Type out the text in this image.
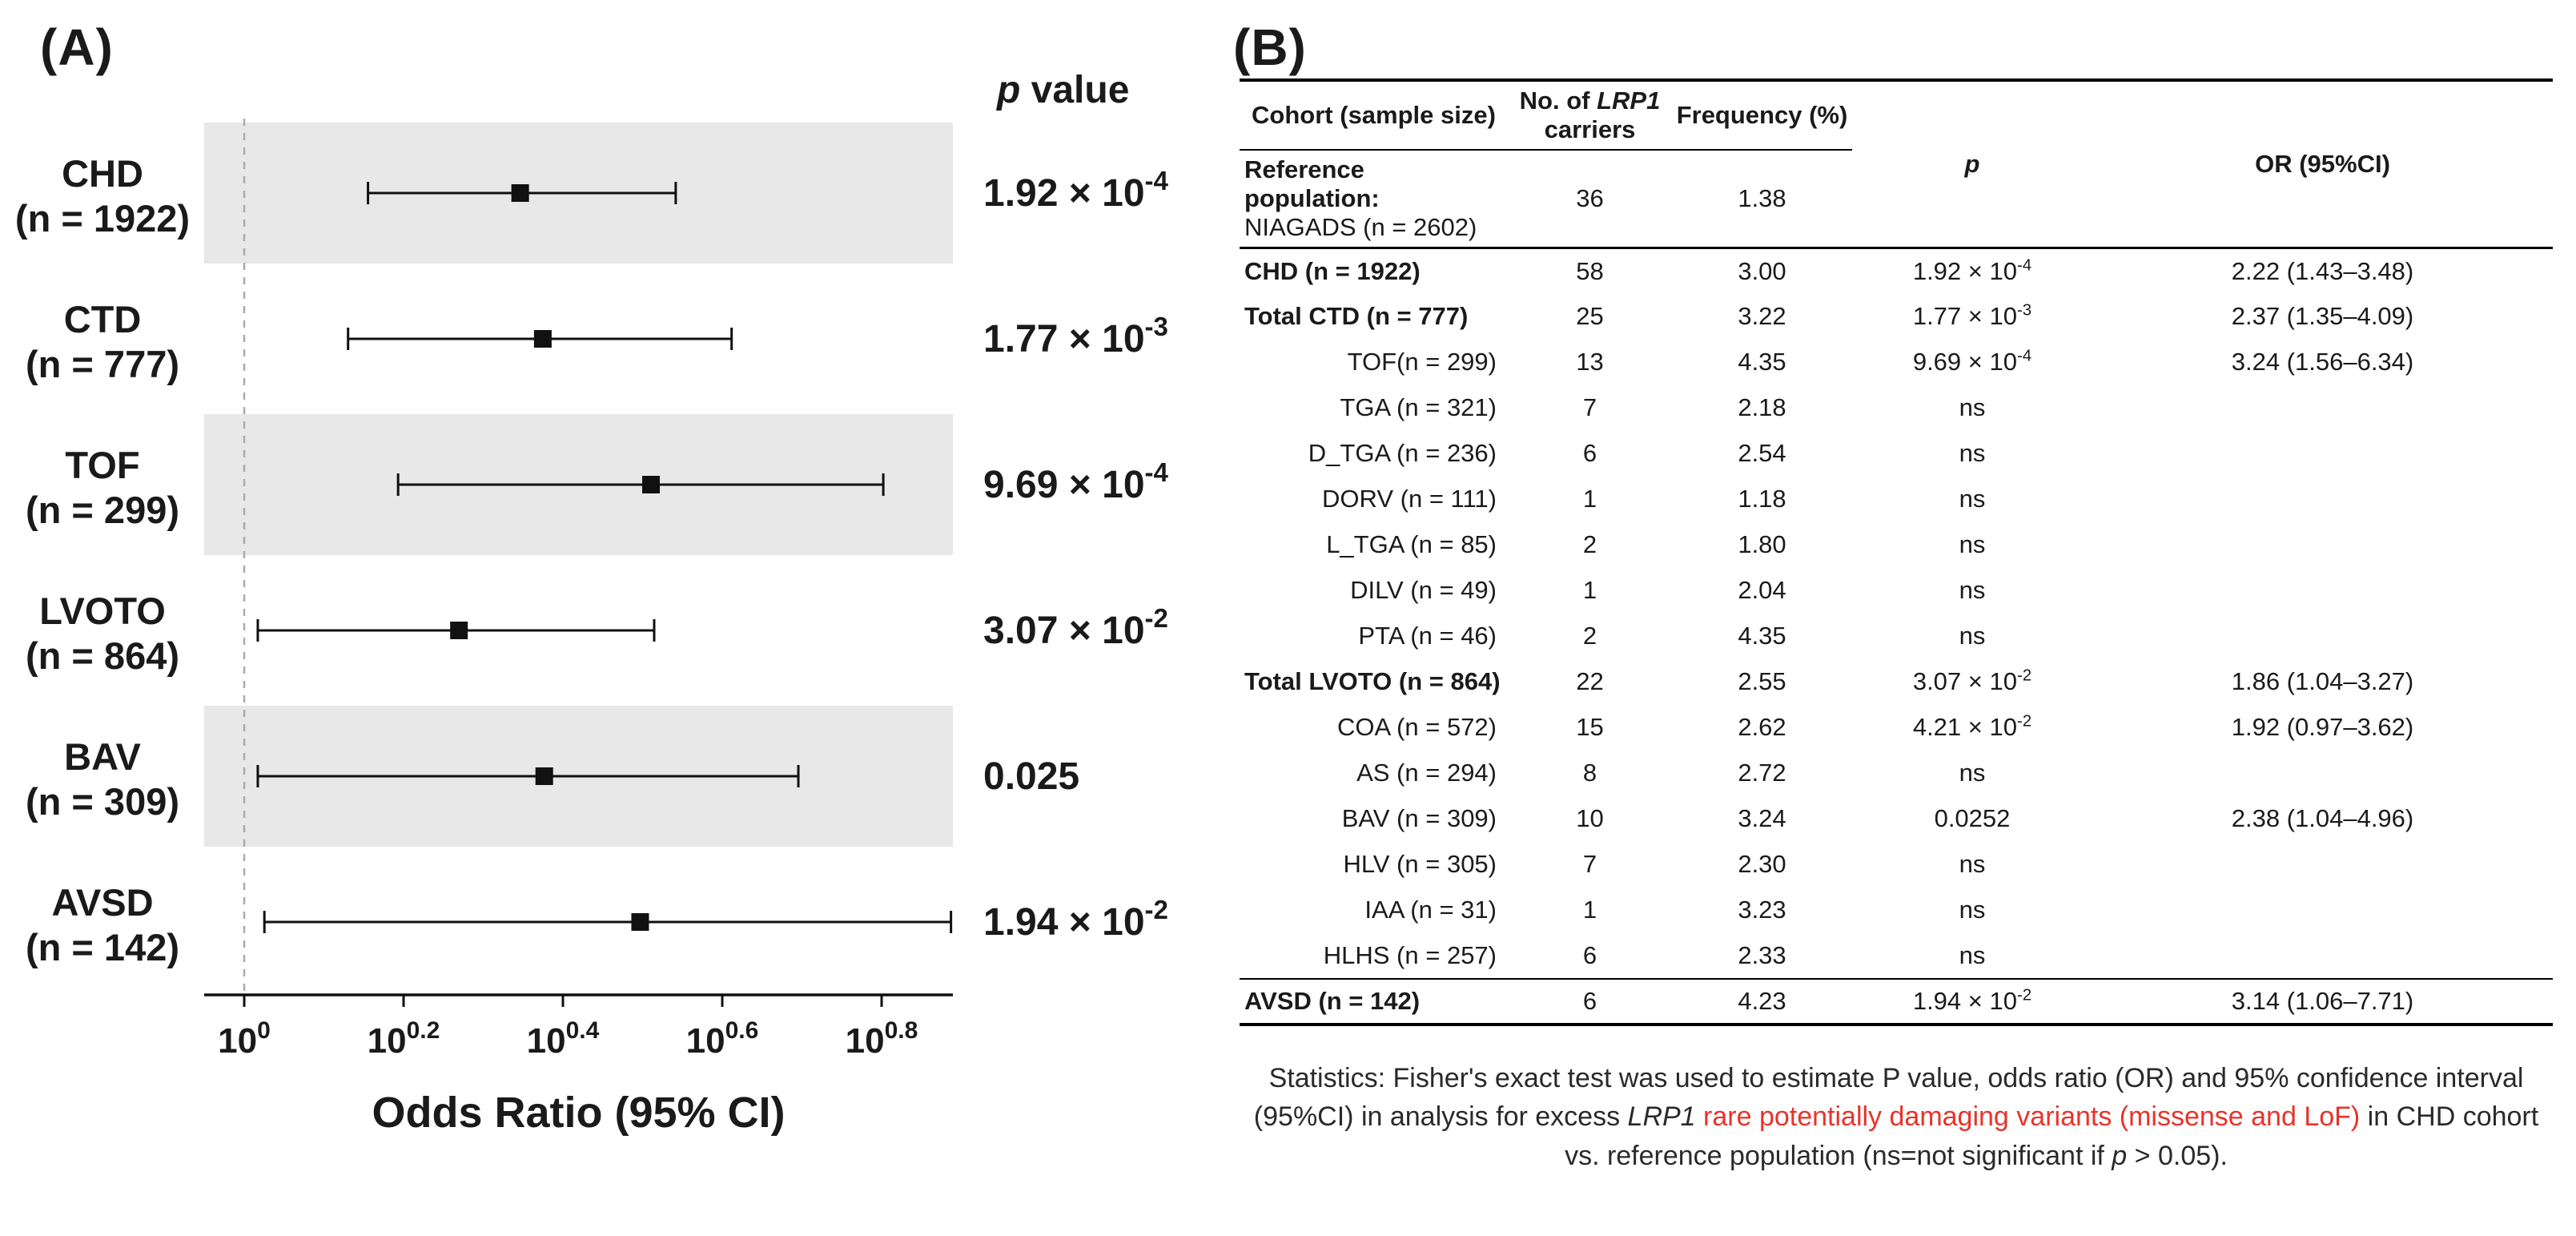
(A)
p value
CHD
(n = 1922)
$1.92 \times 10^{-4}$
CTD
(n = 777)
$1.77 \times 10^{-3}$
TOF
(n = 299)
$9.69 \times 10^{-4}$
LVOTO
(n = 864)
$3.07 \times 10^{-2}$
BAV
(n = 309)
0.025
AVSD
(n = 142)
$1.94 \times 10^{-2}$
$10^0$	$10^{0.2}$ $10^{0.4}$ $10^{0.6}$ $10^{0.8}$
Odds Ratio (95% CI)
(B)
Cohort (sample size)	No. of LRP1 carriers	Frequency (%)	p	OR (95%CI)

Reference population:
NIAGADS (n = 2602)	36	1.38		
CHD (n = 1922)	58	3.00	$1.92 \times 10^{-4}$	2.22 (1.43–3.48)
Total CTD (n = 777)	25	3.22	$1.77 \times 10^{-3}$	2.37 (1.35–4.09)
TOF(n = 299)	13	4.35	$9.69 \times 10^{-4}$	3.24 (1.56–6.34)
TGA (n = 321)	7	2.18	ns	
D_TGA (n = 236)	6	2.54	ns	
DORV (n = 111)	1	1.18	ns	
L_TGA (n = 85)	2	1.80	ns	
DILV (n = 49)	1	2.04	ns	
PTA (n = 46)	2	4.35	ns	
Total LVOTO (n = 864)	22	2.55	$3.07 \times 10^{-2}$	1.86 (1.04–3.27)
COA (n = 572)	15	2.62	$4.21 \times 10^{-2}$	1.92 (0.97–3.62)
AS (n = 294)	8	2.72	ns	
BAV (n = 309)	10	3.24	0.0252	2.38 (1.04–4.96)
HLV (n = 305)	7	2.30	ns	
IAA (n = 31)	1	3.23	ns	
HLHS (n = 257)	6	2.33	ns	
AVSD (n = 142)	6	4.23	$1.94 \times 10^{-2}$	3.14 (1.06–7.71)
Statistics: Fisher's exact test was used to estimate P value, odds ratio (OR) and 95% confidence interval (95%CI) in analysis for excess LRP1 rare potentially damaging variants (missense and LoF) in CHD cohort vs. reference population (ns=not significant if p > 0.05).
